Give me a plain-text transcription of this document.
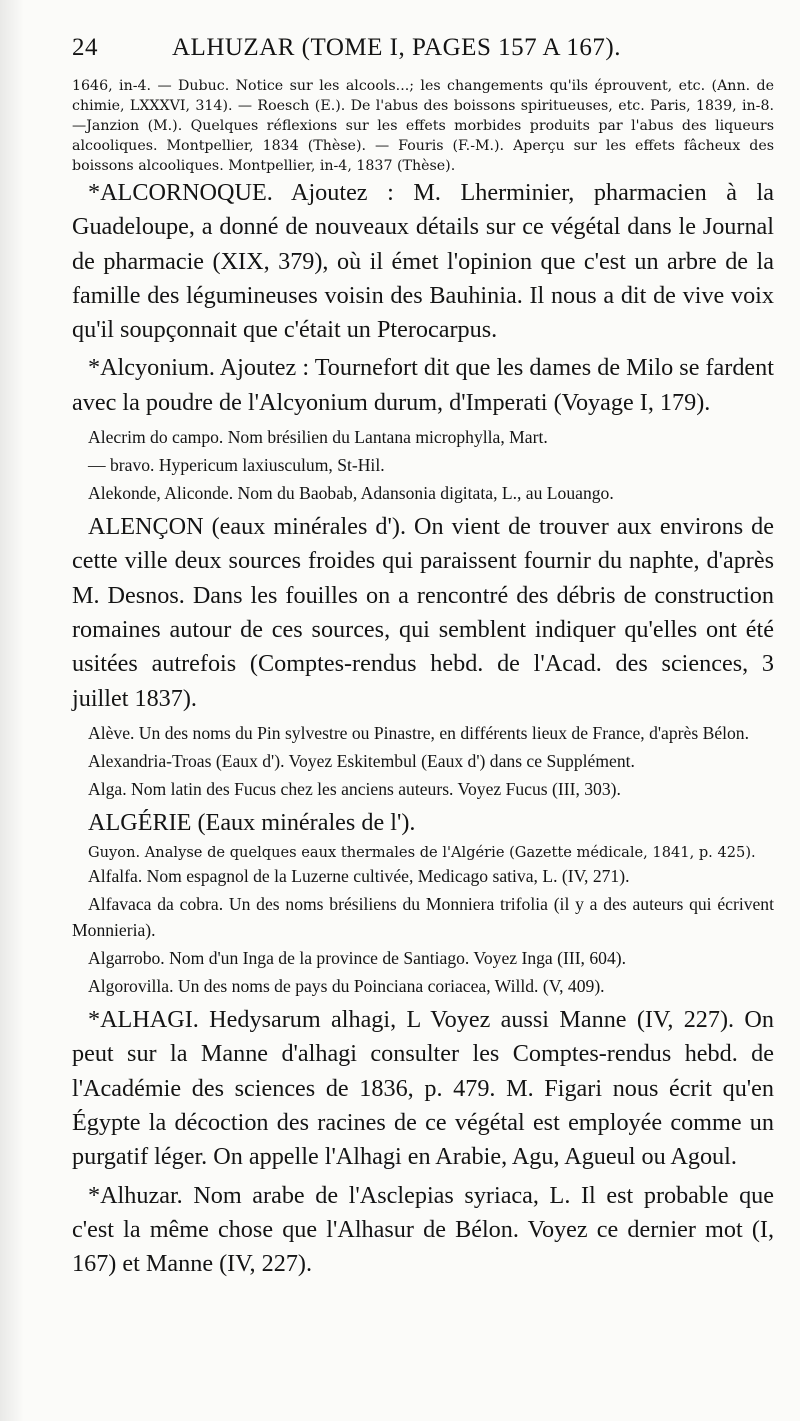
24	ALHUZAR (TOME I, PAGES 157 A 167).

1646, in-4. — Dubuc. Notice sur les alcools...; les changements qu'ils éprouvent, etc. (Ann. de chimie, LXXXVI, 314). — Roesch (E.). De l'abus des boissons spiritueuses, etc. Paris, 1839, in-8.—Janzion (M.). Quelques réflexions sur les effets morbides produits par l'abus des liqueurs alcooliques. Montpellier, 1834 (Thèse). — Fouris (F.-M.). Aperçu sur les effets fâcheux des boissons alcooliques. Montpellier, in-4, 1837 (Thèse).

*ALCORNOQUE. Ajoutez : M. Lherminier, pharmacien à la Guadeloupe, a donné de nouveaux détails sur ce végétal dans le Journal de pharmacie (XIX, 379), où il émet l'opinion que c'est un arbre de la famille des légumineuses voisin des Bauhinia. Il nous a dit de vive voix qu'il soupçonnait que c'était un Pterocarpus.

*Alcyonium. Ajoutez : Tournefort dit que les dames de Milo se fardent avec la poudre de l'Alcyonium durum, d'Imperati (Voyage I, 179).

Alecrim do campo. Nom brésilien du Lantana microphylla, Mart.

— bravo. Hypericum laxiusculum, St-Hil.

Alekonde, Aliconde. Nom du Baobab, Adansonia digitata, L., au Louango.

ALENÇON (eaux minérales d'). On vient de trouver aux environs de cette ville deux sources froides qui paraissent fournir du naphte, d'après M. Desnos. Dans les fouilles on a rencontré des débris de construction romaines autour de ces sources, qui semblent indiquer qu'elles ont été usitées autrefois (Comptes-rendus hebd. de l'Acad. des sciences, 3 juillet 1837).

Alève. Un des noms du Pin sylvestre ou Pinastre, en différents lieux de France, d'après Bélon.

Alexandria-Troas (Eaux d'). Voyez Eskitembul (Eaux d') dans ce Supplément.

Alga. Nom latin des Fucus chez les anciens auteurs. Voyez Fucus (III, 303).

ALGÉRIE (Eaux minérales de l').

Guyon. Analyse de quelques eaux thermales de l'Algérie (Gazette médicale, 1841, p. 425).

Alfalfa. Nom espagnol de la Luzerne cultivée, Medicago sativa, L. (IV, 271).

Alfavaca da cobra. Un des noms brésiliens du Monniera trifolia (il y a des auteurs qui écrivent Monnieria).

Algarrobo. Nom d'un Inga de la province de Santiago. Voyez Inga (III, 604).

Algorovilla. Un des noms de pays du Poinciana coriacea, Willd. (V, 409).

*ALHAGI. Hedysarum alhagi, L Voyez aussi Manne (IV, 227). On peut sur la Manne d'alhagi consulter les Comptes-rendus hebd. de l'Académie des sciences de 1836, p. 479. M. Figari nous écrit qu'en Égypte la décoction des racines de ce végétal est employée comme un purgatif léger. On appelle l'Alhagi en Arabie, Agu, Agueul ou Agoul.

*Alhuzar. Nom arabe de l'Asclepias syriaca, L. Il est probable que c'est la même chose que l'Alhasur de Bélon. Voyez ce dernier mot (I, 167) et Manne (IV, 227).
